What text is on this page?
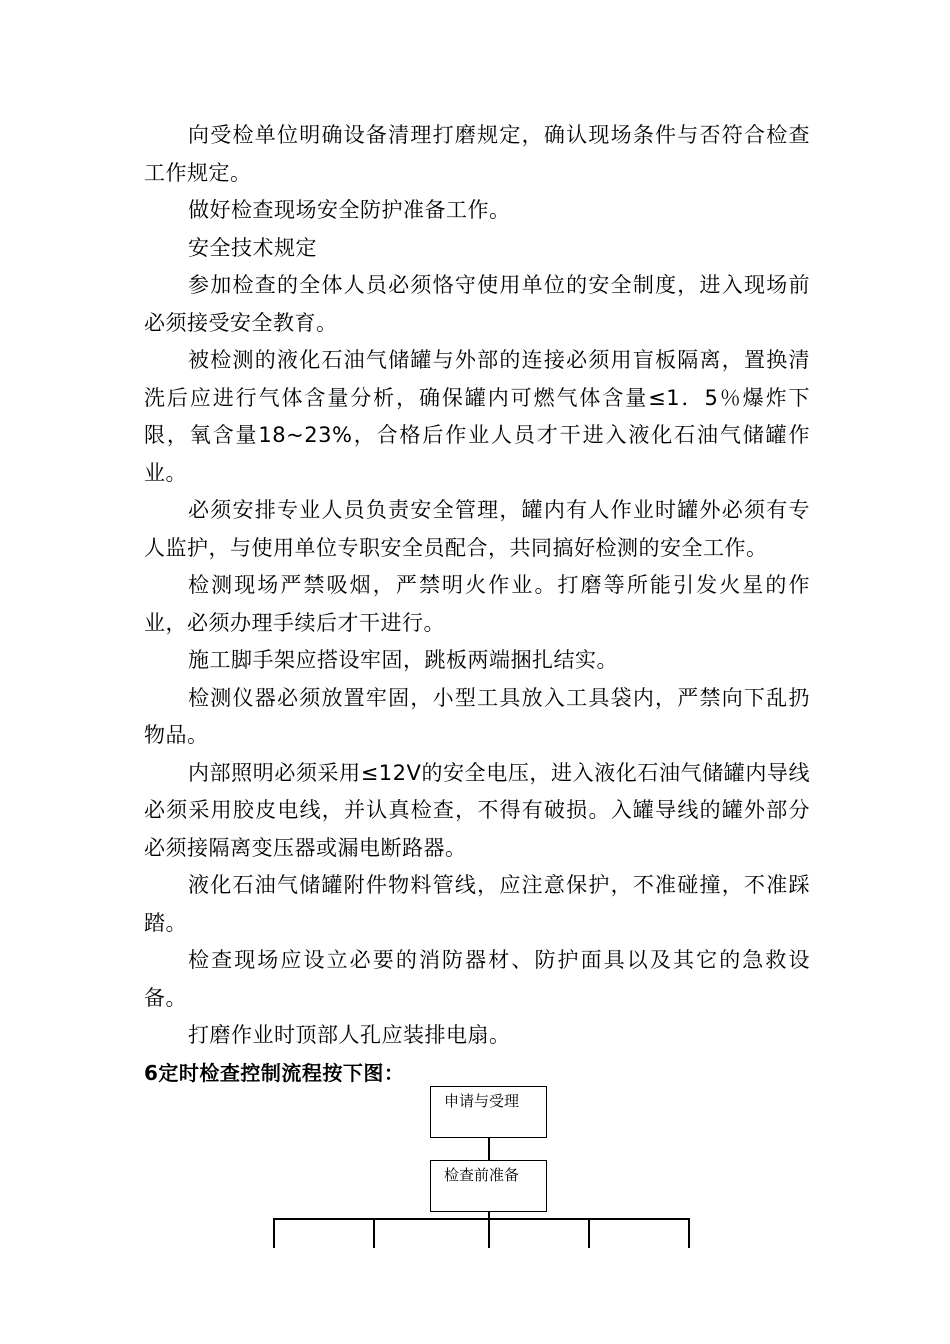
向受检单位明确设备清理打磨规定，确认现场条件与否符合检查工作规定。

做好检查现场安全防护准备工作。

安全技术规定

参加检查的全体人员必须恪守使用单位的安全制度，进入现场前必须接受安全教育。

被检测的液化石油气储罐与外部的连接必须用盲板隔离，置换清洗后应进行气体含量分析，确保罐内可燃气体含量≤1．5％爆炸下限，氧含量18~23%，合格后作业人员才干进入液化石油气储罐作业。

必须安排专业人员负责安全管理，罐内有人作业时罐外必须有专人监护，与使用单位专职安全员配合，共同搞好检测的安全工作。

检测现场严禁吸烟，严禁明火作业。打磨等所能引发火星的作业，必须办理手续后才干进行。

施工脚手架应搭设牢固，跳板两端捆扎结实。

检测仪器必须放置牢固，小型工具放入工具袋内，严禁向下乱扔物品。

内部照明必须采用≤12V的安全电压，进入液化石油气储罐内导线必须采用胶皮电线，并认真检查，不得有破损。入罐导线的罐外部分必须接隔离变压器或漏电断路器。

液化石油气储罐附件物料管线，应注意保护，不准碰撞，不准踩踏。

检查现场应设立必要的消防器材、防护面具以及其它的急救设备。

打磨作业时顶部人孔应装排电扇。

6定时检查控制流程按下图：

申请与受理
检查前准备
